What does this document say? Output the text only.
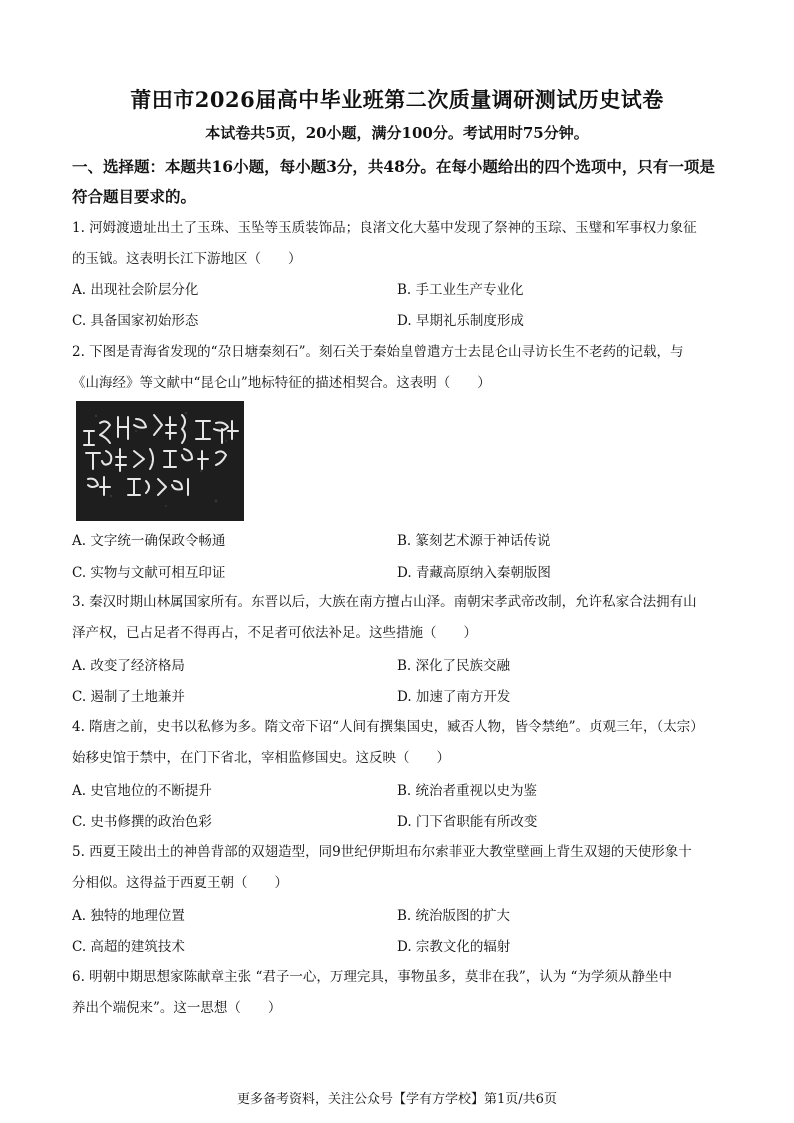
莆田市2026届高中毕业班第二次质量调研测试历史试卷
本试卷共5页，20小题，满分100分。考试用时75分钟。
一、选择题：本题共16小题，每小题3分，共48分。在每小题给出的四个选项中，只有一项是符合题目要求的。
1. 河姆渡遗址出土了玉珠、玉坠等玉质装饰品；良渚文化大墓中发现了祭神的玉琮、玉璧和军事权力象征
的玉钺。这表明长江下游地区（　　）
A. 出现社会阶层分化	B. 手工业生产专业化
C. 具备国家初始形态	D. 早期礼乐制度形成
2. 下图是青海省发现的“尕日塘秦刻石”。刻石关于秦始皇曾遣方士去昆仑山寻访长生不老药的记载，与
《山海经》等文献中“昆仑山”地标特征的描述相契合。这表明（　　）
A. 文字统一确保政令畅通	B. 篆刻艺术源于神话传说
C. 实物与文献可相互印证	D. 青藏高原纳入秦朝版图
3. 秦汉时期山林属国家所有。东晋以后，大族在南方擅占山泽。南朝宋孝武帝改制，允许私家合法拥有山
泽产权，已占足者不得再占，不足者可依法补足。这些措施（　　）
A. 改变了经济格局	B. 深化了民族交融
C. 遏制了土地兼并	D. 加速了南方开发
4. 隋唐之前，史书以私修为多。隋文帝下诏“人间有撰集国史，臧否人物，皆令禁绝”。贞观三年，（太宗）
始移史馆于禁中，在门下省北，宰相监修国史。这反映（　　）
A. 史官地位的不断提升	B. 统治者重视以史为鉴
C. 史书修撰的政治色彩	D. 门下省职能有所改变
5. 西夏王陵出土的神兽背部的双翅造型，同9世纪伊斯坦布尔索菲亚大教堂壁画上背生双翅的天使形象十
分相似。这得益于西夏王朝（　　）
A. 独特的地理位置	B. 统治版图的扩大
C. 高超的建筑技术	D. 宗教文化的辐射
6. 明朝中期思想家陈献章主张 “君子一心，万理完具，事物虽多，莫非在我”，认为 “为学须从静坐中
养出个端倪来”。这一思想（　　）
更多备考资料，关注公众号【学有方学校】第1页/共6页
